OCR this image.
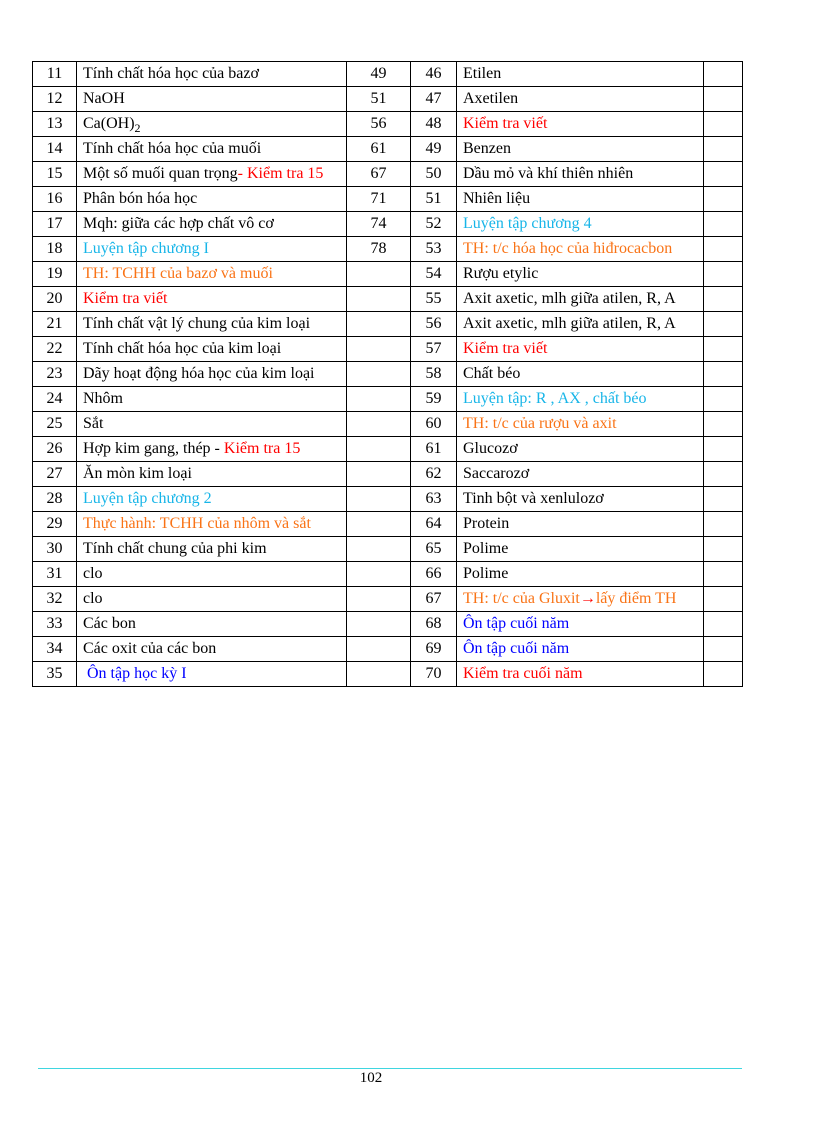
11	Tính chất hóa học của bazơ	49	46	Etilen	
12	NaOH	51	47	Axetilen	
13	$Ca(OH)_2$	56	48	Kiểm tra viết	
14	Tính chất hóa học của muối	61	49	Benzen	
15	Một số muối quan trọng- Kiểm tra 15	67	50	Dầu mỏ và khí thiên nhiên	
16	Phân bón hóa học	71	51	Nhiên liệu	
17	Mqh: giữa các hợp chất vô cơ	74	52	Luyện tập chương 4	
18	Luyện tập chương I	78	53	TH: t/c hóa học của hiđrocacbon	
19	TH: TCHH của bazơ và muối		54	Rượu etylic	
20	Kiểm tra viết		55	Axit axetic, mlh giữa atilen, R, A	
21	Tính chất vật lý chung của kim loại		56	Axit axetic, mlh giữa atilen, R, A	
22	Tính chất hóa học của kim loại		57	Kiểm tra viết	
23	Dãy hoạt động hóa học của kim loại		58	Chất béo	
24	Nhôm		59	Luyện tập: R , AX , chất béo	
25	Sắt		60	TH: t/c của rượu và axit	
26	Hợp kim gang, thép - Kiểm tra 15		61	Glucozơ	
27	Ăn mòn kim loại		62	Saccarozơ	
28	Luyện tập chương 2		63	Tinh bột và xenlulozơ	
29	Thực hành: TCHH của nhôm và sắt		64	Protein	
30	Tính chất chung của phi kim		65	Polime	
31	clo		66	Polime	
32	clo		67	TH: t/c của Gluxit→lấy điểm TH	
33	Các bon		68	Ôn tập cuối năm	
34	Các oxit của các bon		69	Ôn tập cuối năm	
35	Ôn tập học kỳ I		70	Kiểm tra cuối năm	
102
